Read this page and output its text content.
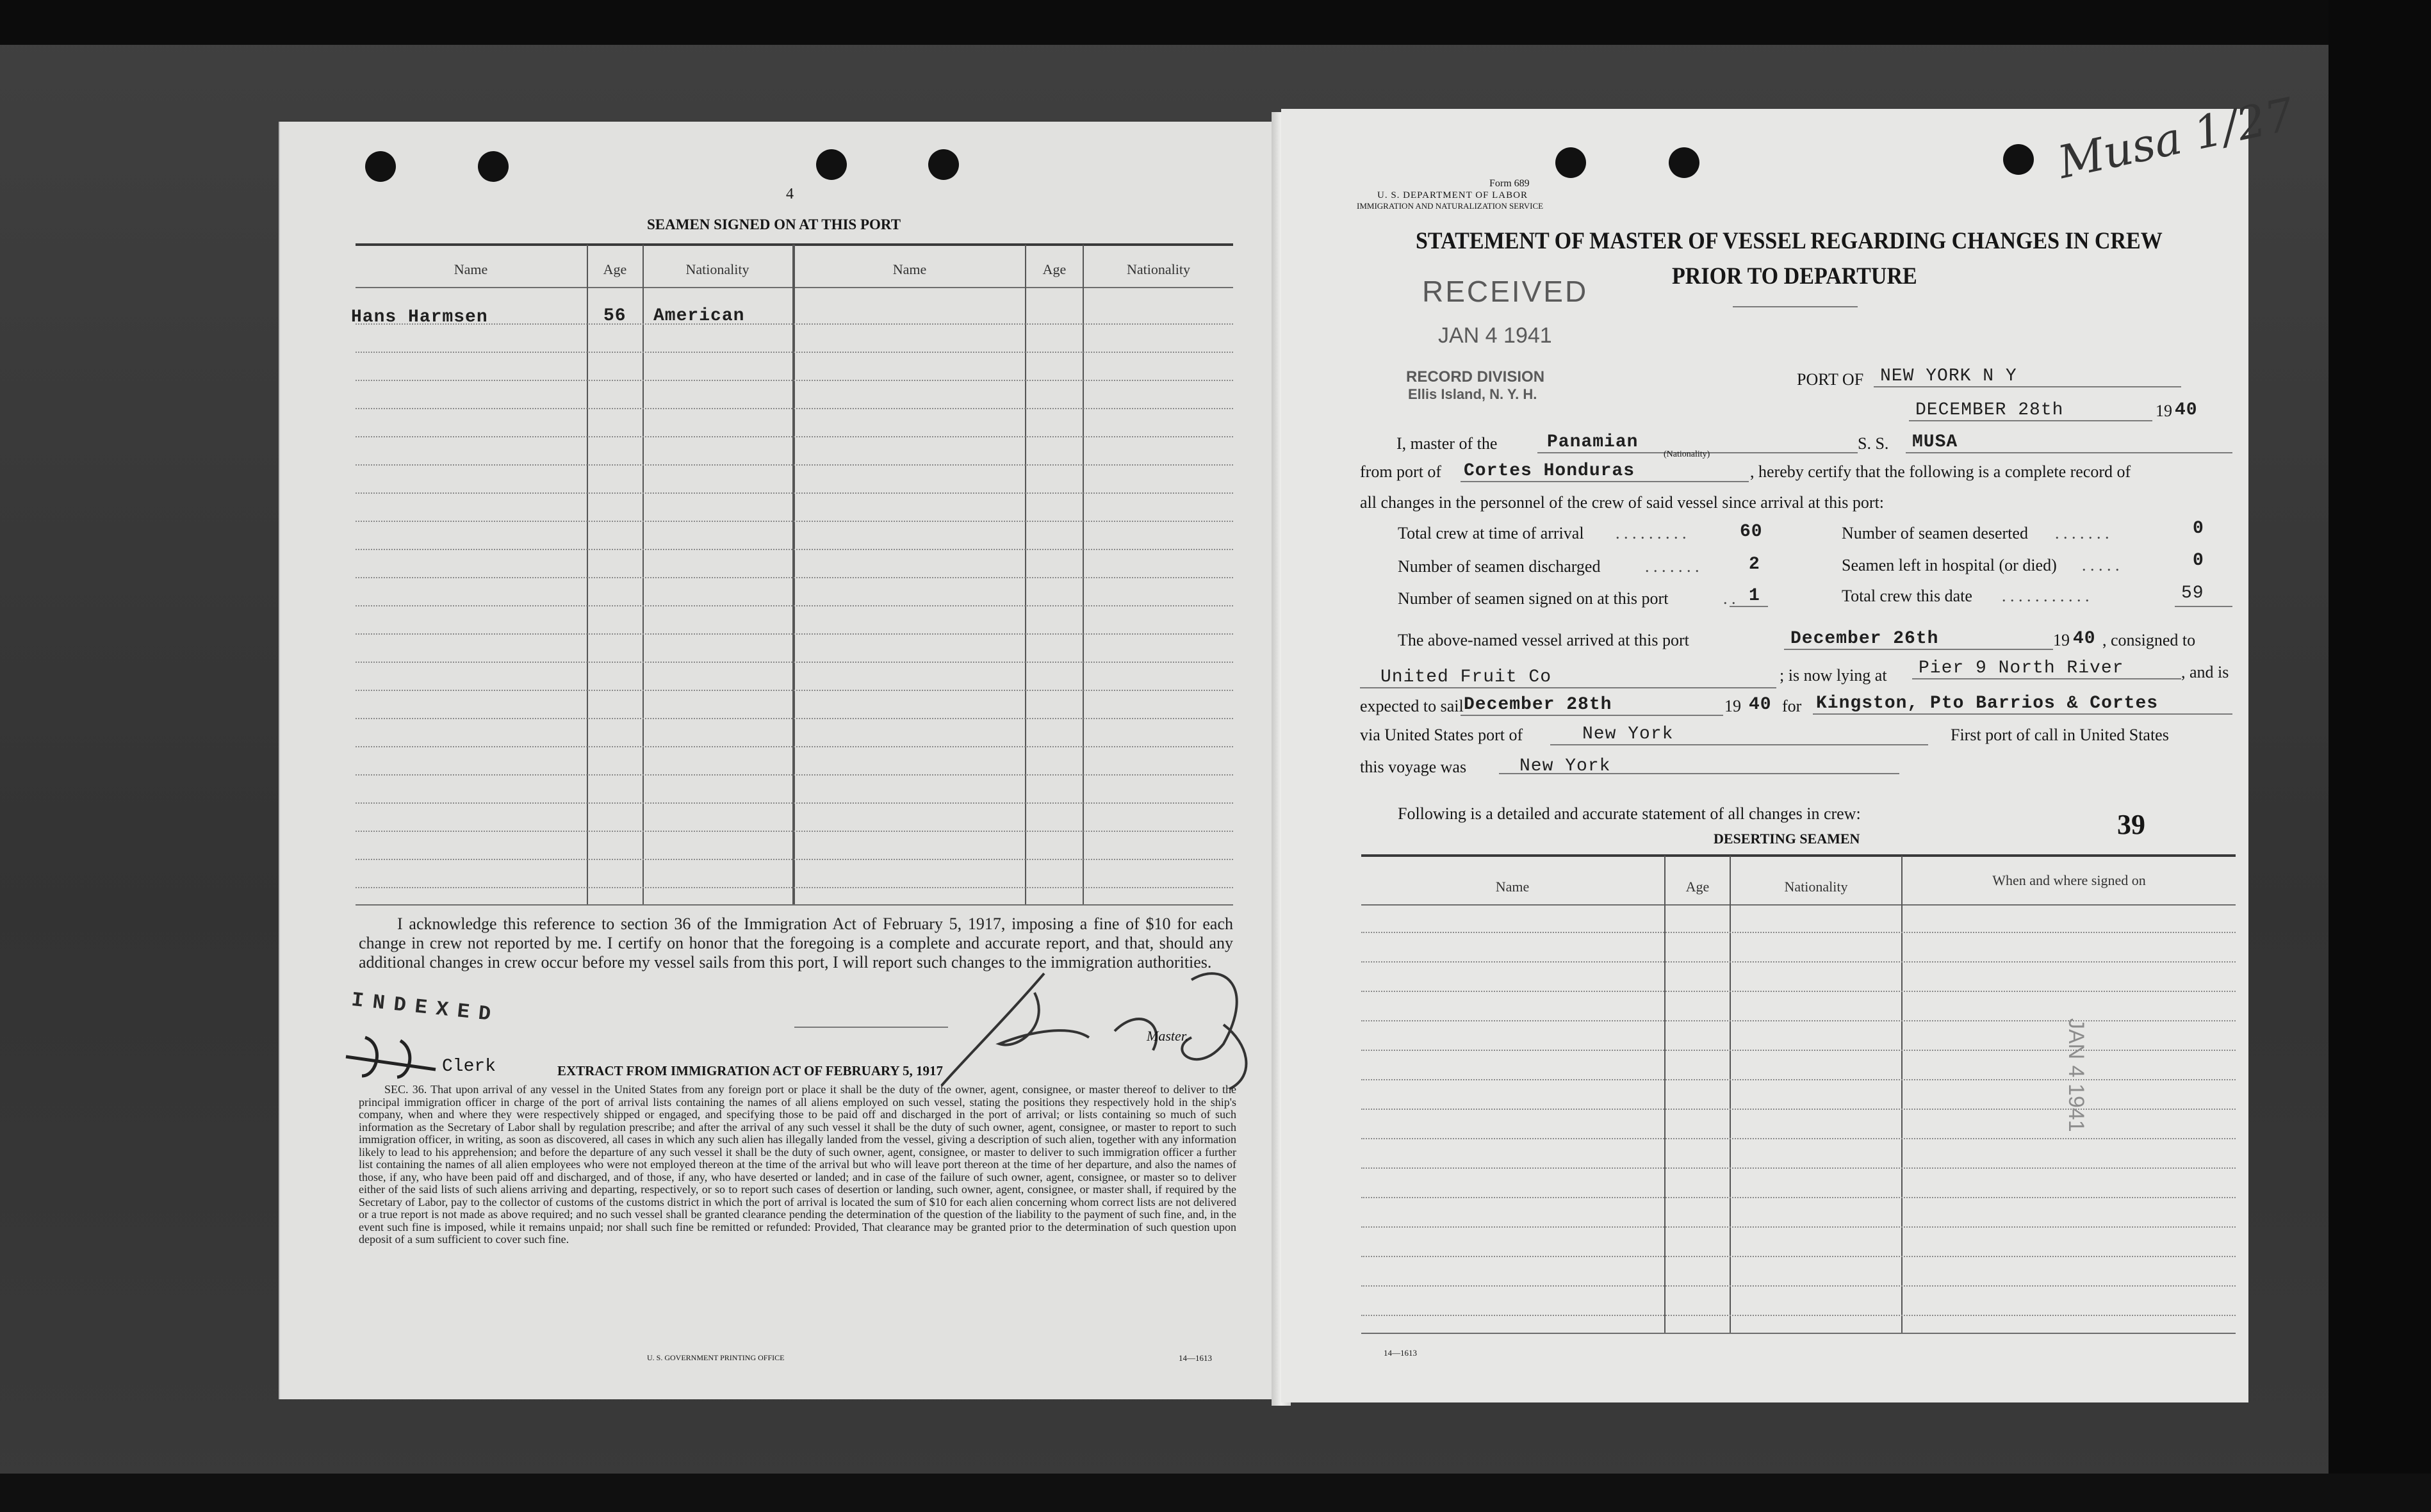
4
SEAMEN SIGNED ON AT THIS PORT
Name	Age	Nationality	Name	Age	Nationality
Hans Harmsen	56 American
I acknowledge this reference to section 36 of the Immigration Act of February 5, 1917, imposing a fine of $10 for each change in crew not reported by me. I certify on honor that the foregoing is a complete and accurate report, and that, should any additional changes in crew occur before my vessel sails from this port, I will report such changes to the immigration authorities.
Master.
INDEXED
Clerk	EXTRACT FROM IMMIGRATION ACT OF FEBRUARY 5, 1917
SEC. 36. That upon arrival of any vessel in the United States from any foreign port or place it shall be the duty of the owner, agent, consignee, or master thereof to deliver to the principal immigration officer in charge of the port of arrival lists containing the names of all aliens employed on such vessel, stating the positions they respectively hold in the ship's company, when and where they were respectively shipped or engaged, and specifying those to be paid off and discharged in the port of arrival; or lists containing so much of such information as the Secretary of Labor shall by regulation prescribe; and after the arrival of any such vessel it shall be the duty of such owner, agent, consignee, or master to report to such immigration officer, in writing, as soon as discovered, all cases in which any such alien has illegally landed from the vessel, giving a description of such alien, together with any information likely to lead to his apprehension; and before the departure of any such vessel it shall be the duty of such owner, agent, consignee, or master to deliver to such immigration officer a further list containing the names of all alien employees who were not employed thereon at the time of the arrival but who will leave port thereon at the time of her departure, and also the names of those, if any, who have been paid off and discharged, and of those, if any, who have deserted or landed; and in case of the failure of such owner, agent, consignee, or master so to deliver either of the said lists of such aliens arriving and departing, respectively, or so to report such cases of desertion or landing, such owner, agent, consignee, or master shall, if required by the Secretary of Labor, pay to the collector of customs of the customs district in which the port of arrival is located the sum of $10 for each alien concerning whom correct lists are not delivered or a true report is not made as above required; and no such vessel shall be granted clearance pending the determination of the question of the liability to the payment of such fine, and, in the event such fine is imposed, while it remains unpaid; nor shall such fine be remitted or refunded: Provided, That clearance may be granted prior to the determination of such question upon deposit of a sum sufficient to cover such fine.
U. S. GOVERNMENT PRINTING OFFICE	14—1613
Musa 1/27
Form 689
U. S. DEPARTMENT OF LABOR
IMMIGRATION AND NATURALIZATION SERVICE
STATEMENT OF MASTER OF VESSEL REGARDING CHANGES IN CREW
PRIOR TO DEPARTURE
RECEIVED
JAN 4 1941
RECORD DIVISION
Ellis Island, N. Y. H.
PORT OF NEW YORK N Y
DECEMBER 28th	19 40
I, master of the	Panamian
(Nationality)
S. S. MUSA
from port of Cortes Honduras	, hereby certify that the following is a complete record of
all changes in the personnel of the crew of said vessel since arrival at this port:
Total crew at time of arrival . . . . . . . . .	60
Number of seamen discharged	. . . . . . .	2
Number of seamen signed on at this port	. . 1
Number of seamen deserted . . . . . . .	0
Seamen left in hospital (or died) . . . . .	0
Total crew this date . . . . . . . . . . .	59
The above-named vessel arrived at this port	December 26th	19 40 , consigned to
United Fruit Co	; is now lying at Pier 9 North River	, and is
expected to sail December 28th	19 40 for Kingston, Pto Barrios & Cortes
via United States port of	New York	First port of call in United States
this voyage was	New York
Following is a detailed and accurate statement of all changes in crew:	39
DESERTING SEAMEN
Name	Age	Nationality	When and where signed on
JAN 4 1941
14—1613
